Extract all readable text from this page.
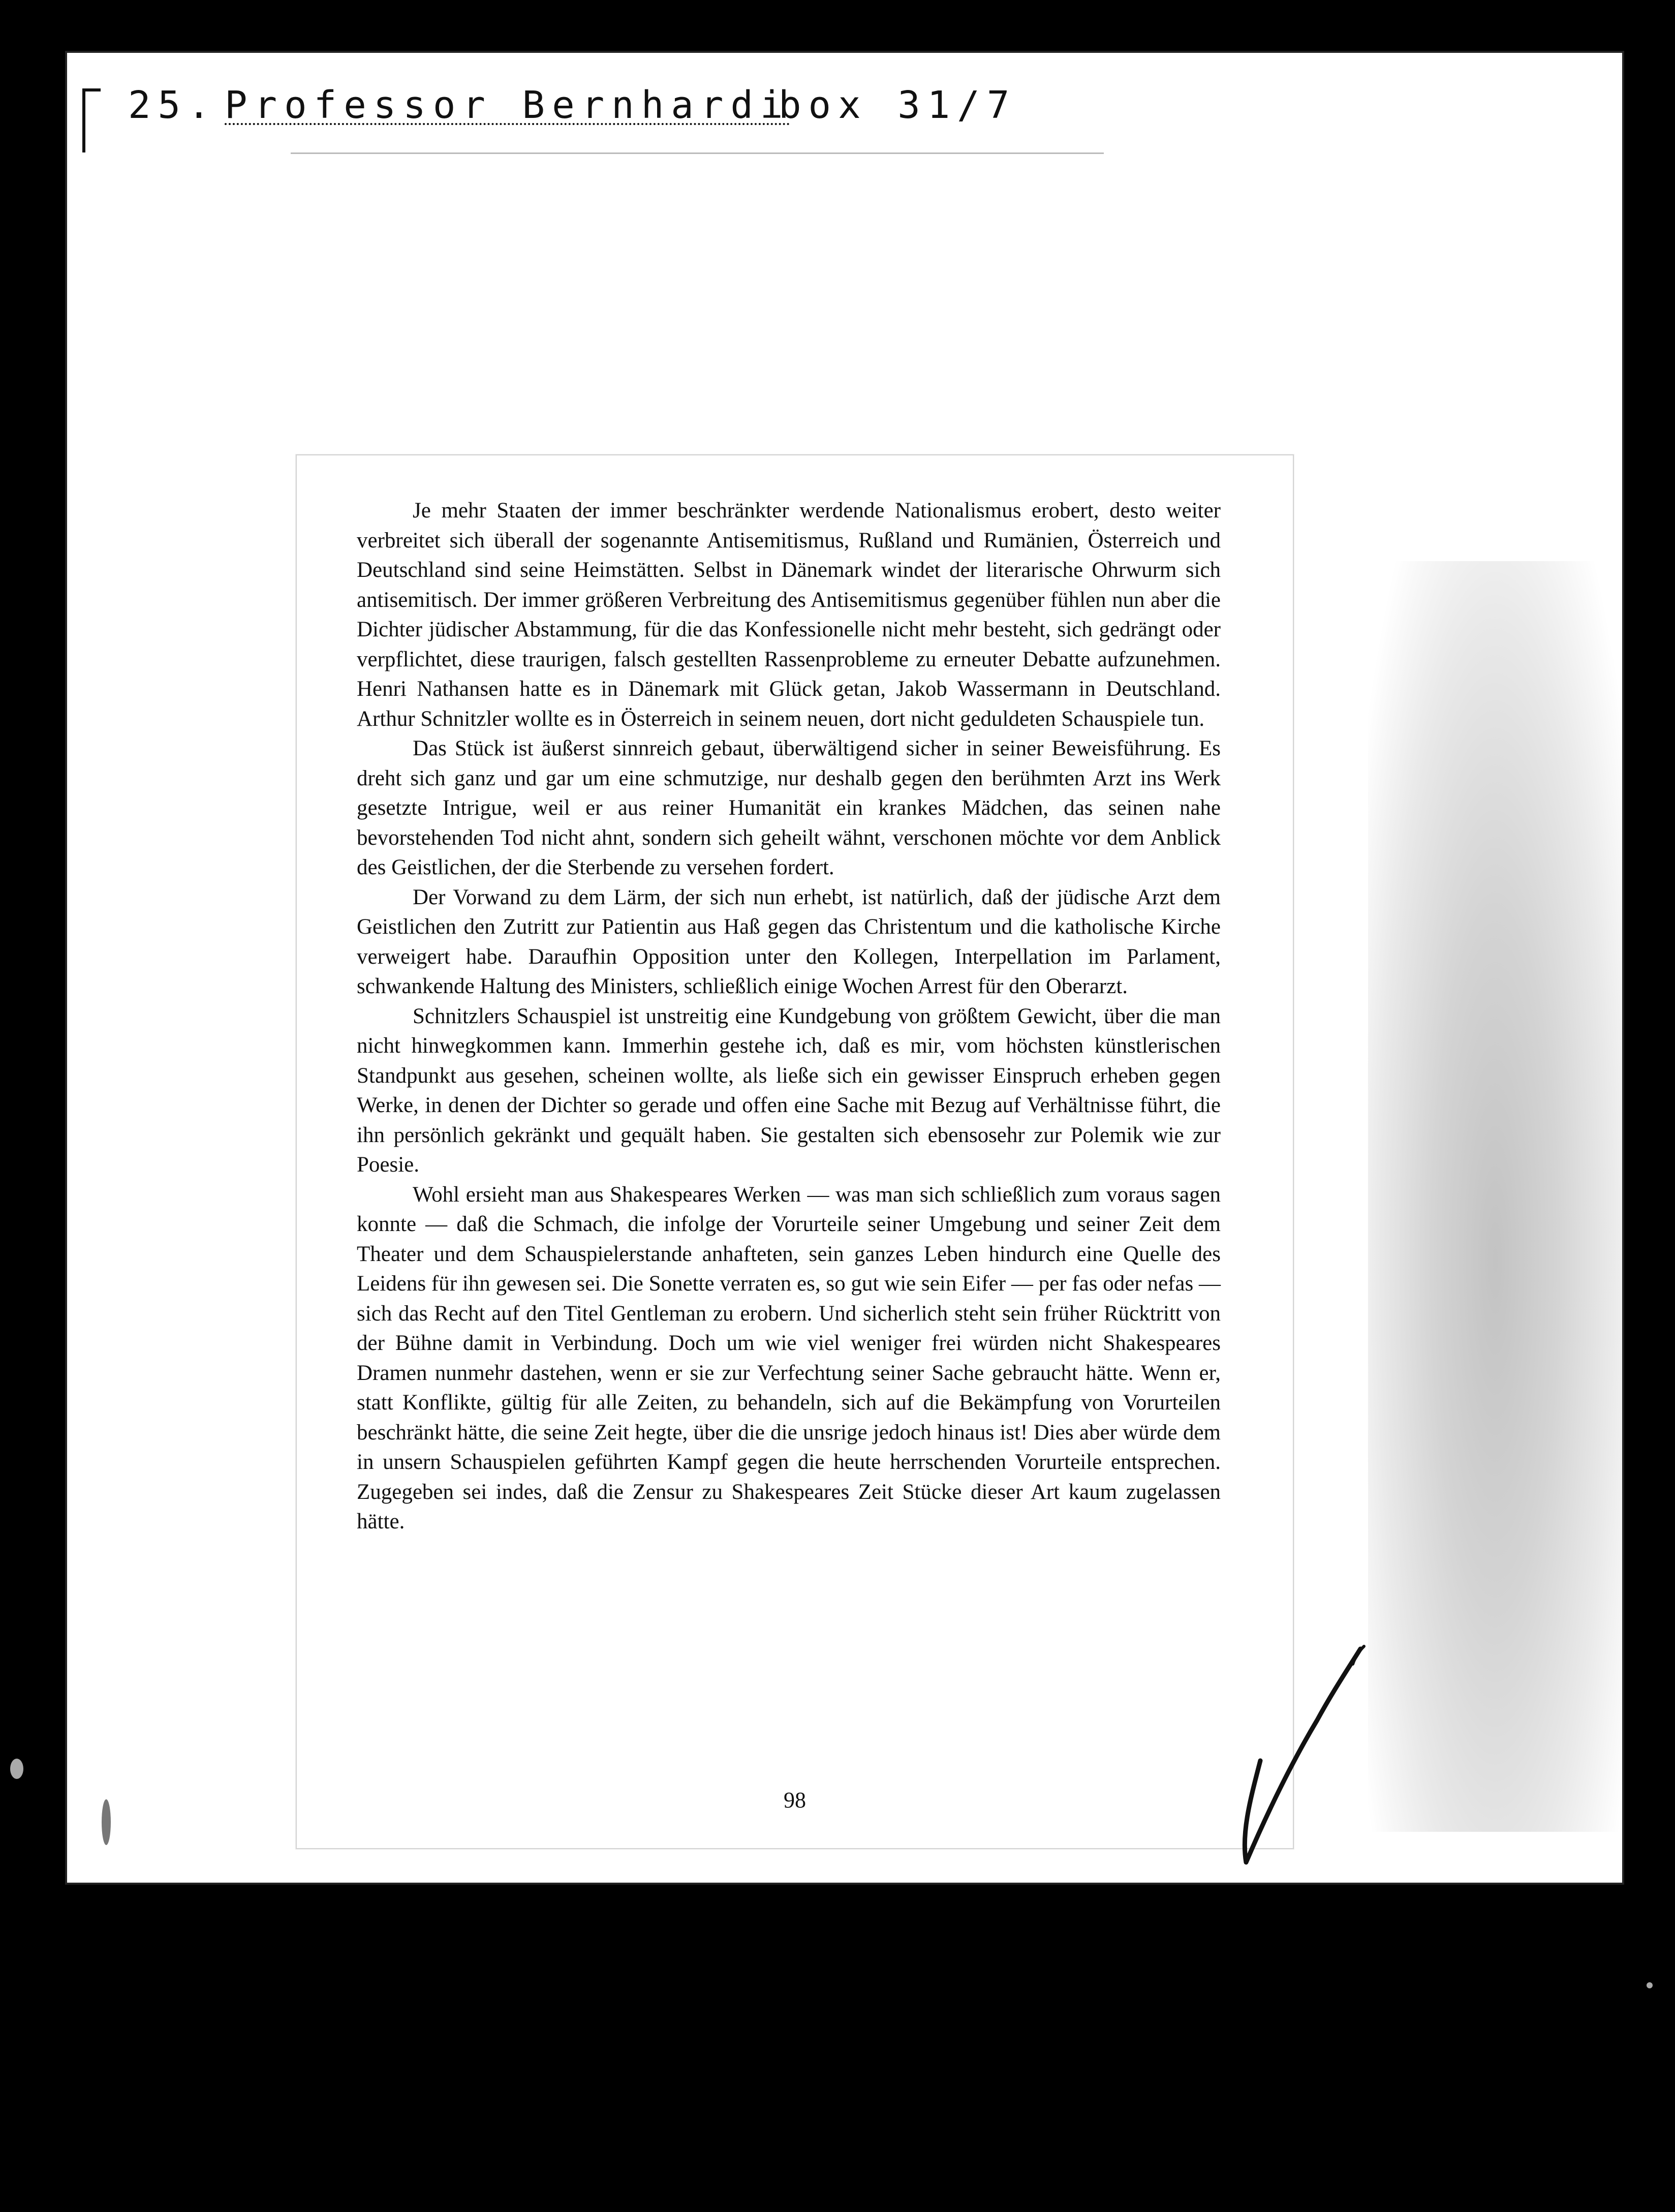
25. Professor Bernhardibox 31/7

Je mehr Staaten der immer beschränkter werdende Nationalismus erobert, desto weiter verbreitet sich überall der sogenannte Antisemitismus, Rußland und Rumänien, Österreich und Deutschland sind seine Heimstätten. Selbst in Dänemark windet der literarische Ohrwurm sich antisemitisch. Der immer größeren Verbreitung des Antisemitismus gegenüber fühlen nun aber die Dichter jüdischer Abstammung, für die das Konfessionelle nicht mehr besteht, sich gedrängt oder verpflichtet, diese traurigen, falsch gestellten Rassenprobleme zu erneuter Debatte aufzunehmen. Henri Nathansen hatte es in Dänemark mit Glück getan, Jakob Wassermann in Deutschland. Arthur Schnitzler wollte es in Österreich in seinem neuen, dort nicht geduldeten Schauspiele tun.

Das Stück ist äußerst sinnreich gebaut, überwältigend sicher in seiner Beweisführung. Es dreht sich ganz und gar um eine schmutzige, nur deshalb gegen den berühmten Arzt ins Werk gesetzte Intrigue, weil er aus reiner Humanität ein krankes Mädchen, das seinen nahe bevorstehenden Tod nicht ahnt, sondern sich geheilt wähnt, verschonen möchte vor dem Anblick des Geistlichen, der die Sterbende zu versehen fordert.

Der Vorwand zu dem Lärm, der sich nun erhebt, ist natürlich, daß der jüdische Arzt dem Geistlichen den Zutritt zur Patientin aus Haß gegen das Christentum und die katholische Kirche verweigert habe. Daraufhin Opposition unter den Kollegen, Interpellation im Parlament, schwankende Haltung des Ministers, schließlich einige Wochen Arrest für den Oberarzt.

Schnitzlers Schauspiel ist unstreitig eine Kundgebung von größtem Gewicht, über die man nicht hinwegkommen kann. Immerhin gestehe ich, daß es mir, vom höchsten künstlerischen Standpunkt aus gesehen, scheinen wollte, als ließe sich ein gewisser Einspruch erheben gegen Werke, in denen der Dichter so gerade und offen eine Sache mit Bezug auf Verhältnisse führt, die ihn persönlich gekränkt und gequält haben. Sie gestalten sich ebensosehr zur Polemik wie zur Poesie.

Wohl ersieht man aus Shakespeares Werken — was man sich schließlich zum voraus sagen konnte — daß die Schmach, die infolge der Vorurteile seiner Umgebung und seiner Zeit dem Theater und dem Schauspielerstande anhafteten, sein ganzes Leben hindurch eine Quelle des Leidens für ihn gewesen sei. Die Sonette verraten es, so gut wie sein Eifer — per fas oder nefas — sich das Recht auf den Titel Gentleman zu erobern. Und sicherlich steht sein früher Rücktritt von der Bühne damit in Verbindung. Doch um wie viel weniger frei würden nicht Shakespeares Dramen nunmehr dastehen, wenn er sie zur Verfechtung seiner Sache gebraucht hätte. Wenn er, statt Konflikte, gültig für alle Zeiten, zu behandeln, sich auf die Bekämpfung von Vorurteilen beschränkt hätte, die seine Zeit hegte, über die die unsrige jedoch hinaus ist! Dies aber würde dem in unsern Schauspielen geführten Kampf gegen die heute herrschenden Vorurteile entsprechen. Zugegeben sei indes, daß die Zensur zu Shakespeares Zeit Stücke dieser Art kaum zugelassen hätte.

98
